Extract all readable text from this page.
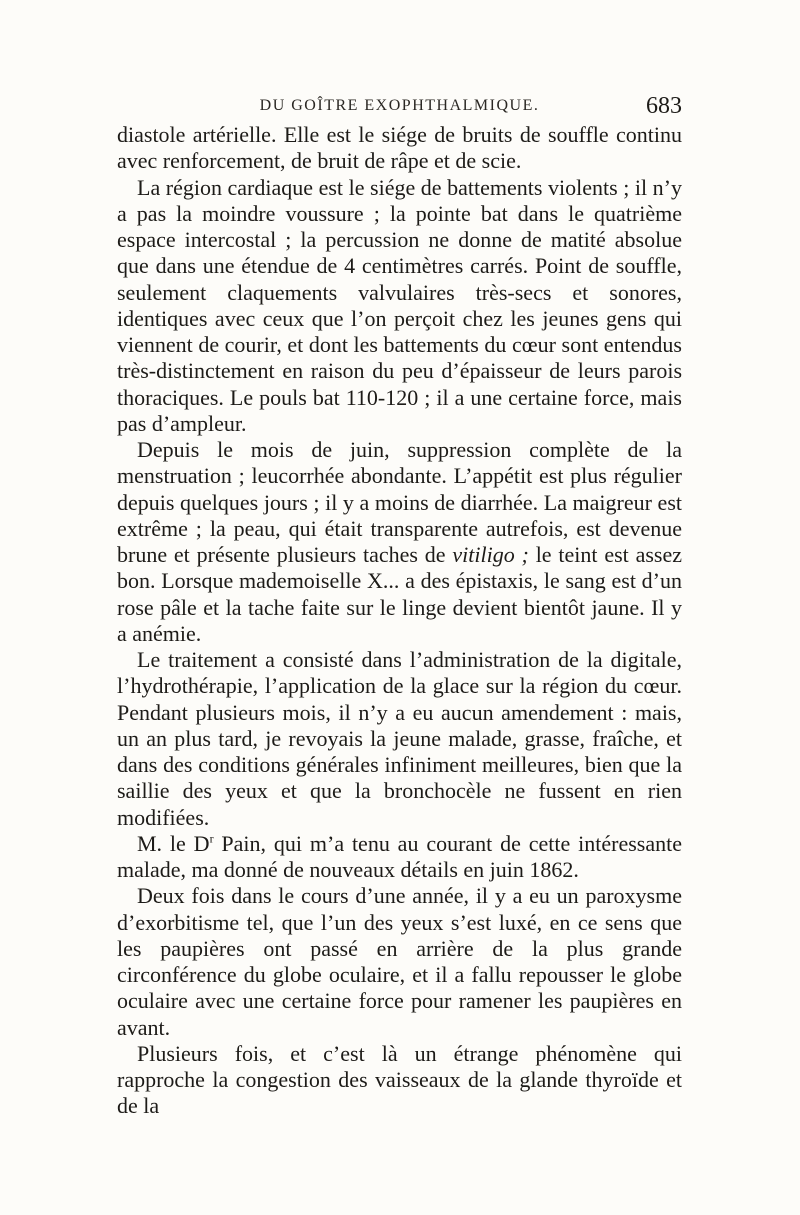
DU GOÎTRE EXOPHTHALMIQUE.	683

diastole artérielle. Elle est le siége de bruits de souffle continu avec renforcement, de bruit de râpe et de scie.

La région cardiaque est le siége de battements violents ; il n’y a pas la moindre voussure ; la pointe bat dans le quatrième espace intercostal ; la percussion ne donne de matité absolue que dans une étendue de 4 centimètres carrés. Point de souffle, seulement claquements valvulaires très-secs et sonores, identiques avec ceux que l’on perçoit chez les jeunes gens qui viennent de courir, et dont les battements du cœur sont entendus très-distinctement en raison du peu d’épaisseur de leurs parois thoraciques. Le pouls bat 110-120 ; il a une certaine force, mais pas d’ampleur.

Depuis le mois de juin, suppression complète de la menstruation ; leucorrhée abondante. L’appétit est plus régulier depuis quelques jours ; il y a moins de diarrhée. La maigreur est extrême ; la peau, qui était transparente autrefois, est devenue brune et présente plusieurs taches de vitiligo ; le teint est assez bon. Lorsque mademoiselle X... a des épistaxis, le sang est d’un rose pâle et la tache faite sur le linge devient bientôt jaune. Il y a anémie.

Le traitement a consisté dans l’administration de la digitale, l’hydrothérapie, l’application de la glace sur la région du cœur. Pendant plusieurs mois, il n’y a eu aucun amendement : mais, un an plus tard, je revoyais la jeune malade, grasse, fraîche, et dans des conditions générales infiniment meilleures, bien que la saillie des yeux et que la bronchocèle ne fussent en rien modifiées.

M. le $D^r$ Pain, qui m’a tenu au courant de cette intéressante malade, ma donné de nouveaux détails en juin 1862.

Deux fois dans le cours d’une année, il y a eu un paroxysme d’exorbitisme tel, que l’un des yeux s’est luxé, en ce sens que les paupières ont passé en arrière de la plus grande circonférence du globe oculaire, et il a fallu repousser le globe oculaire avec une certaine force pour ramener les paupières en avant.

Plusieurs fois, et c’est là un étrange phénomène qui rapproche la congestion des vaisseaux de la glande thyroïde et de la
